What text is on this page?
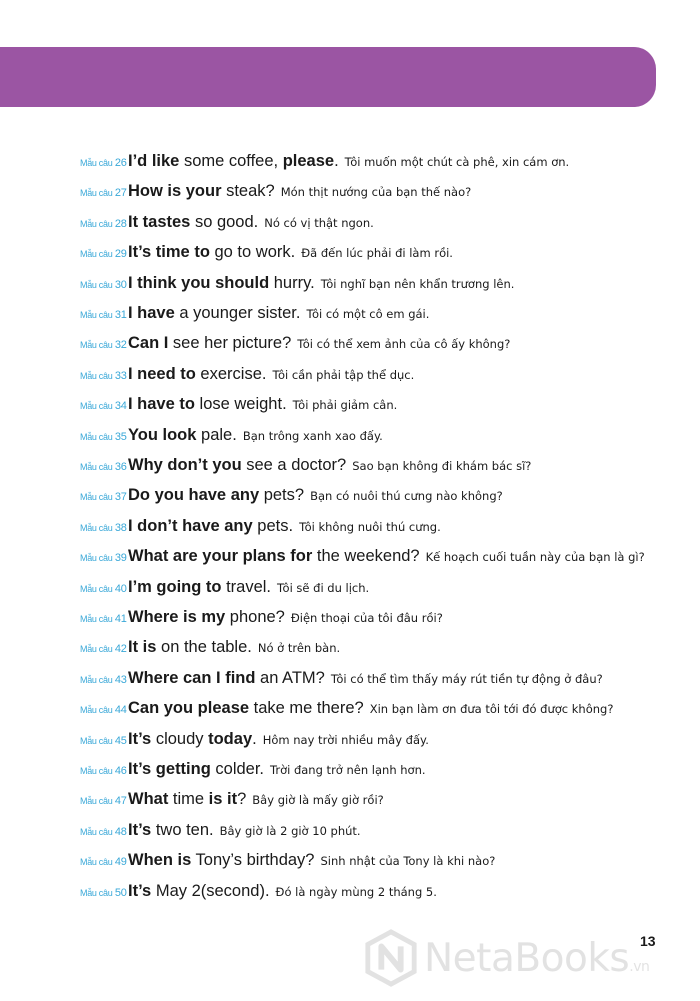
Mẫu câu 26 I’d like some coffee, please. Tôi muốn một chút cà phê, xin cám ơn.
Mẫu câu 27 How is your steak? Món thịt nướng của bạn thế nào?
Mẫu câu 28 It tastes so good. Nó có vị thật ngon.
Mẫu câu 29 It’s time to go to work. Đã đến lúc phải đi làm rồi.
Mẫu câu 30 I think you should hurry. Tôi nghĩ bạn nên khẩn trương lên.
Mẫu câu 31 I have a younger sister. Tôi có một cô em gái.
Mẫu câu 32 Can I see her picture? Tôi có thể xem ảnh của cô ấy không?
Mẫu câu 33 I need to exercise. Tôi cần phải tập thể dục.
Mẫu câu 34 I have to lose weight. Tôi phải giảm cân.
Mẫu câu 35 You look pale. Bạn trông xanh xao đấy.
Mẫu câu 36 Why don’t you see a doctor? Sao bạn không đi khám bác sĩ?
Mẫu câu 37 Do you have any pets? Bạn có nuôi thú cưng nào không?
Mẫu câu 38 I don’t have any pets. Tôi không nuôi thú cưng.
Mẫu câu 39 What are your plans for the weekend? Kế hoạch cuối tuần này của bạn là gì?
Mẫu câu 40 I’m going to travel. Tôi sẽ đi du lịch.
Mẫu câu 41 Where is my phone? Điện thoại của tôi đâu rồi?
Mẫu câu 42 It is on the table. Nó ở trên bàn.
Mẫu câu 43 Where can I find an ATM? Tôi có thể tìm thấy máy rút tiền tự động ở đâu?
Mẫu câu 44 Can you please take me there? Xin bạn làm ơn đưa tôi tới đó được không?
Mẫu câu 45 It’s cloudy today. Hôm nay trời nhiều mây đấy.
Mẫu câu 46 It’s getting colder. Trời đang trở nên lạnh hơn.
Mẫu câu 47 What time is it? Bây giờ là mấy giờ rồi?
Mẫu câu 48 It’s two ten. Bây giờ là 2 giờ 10 phút.
Mẫu câu 49 When is Tony’s birthday? Sinh nhật của Tony là khi nào?
Mẫu câu 50 It’s May 2(second). Đó là ngày mùng 2 tháng 5.
13
NetaBooks.vn
